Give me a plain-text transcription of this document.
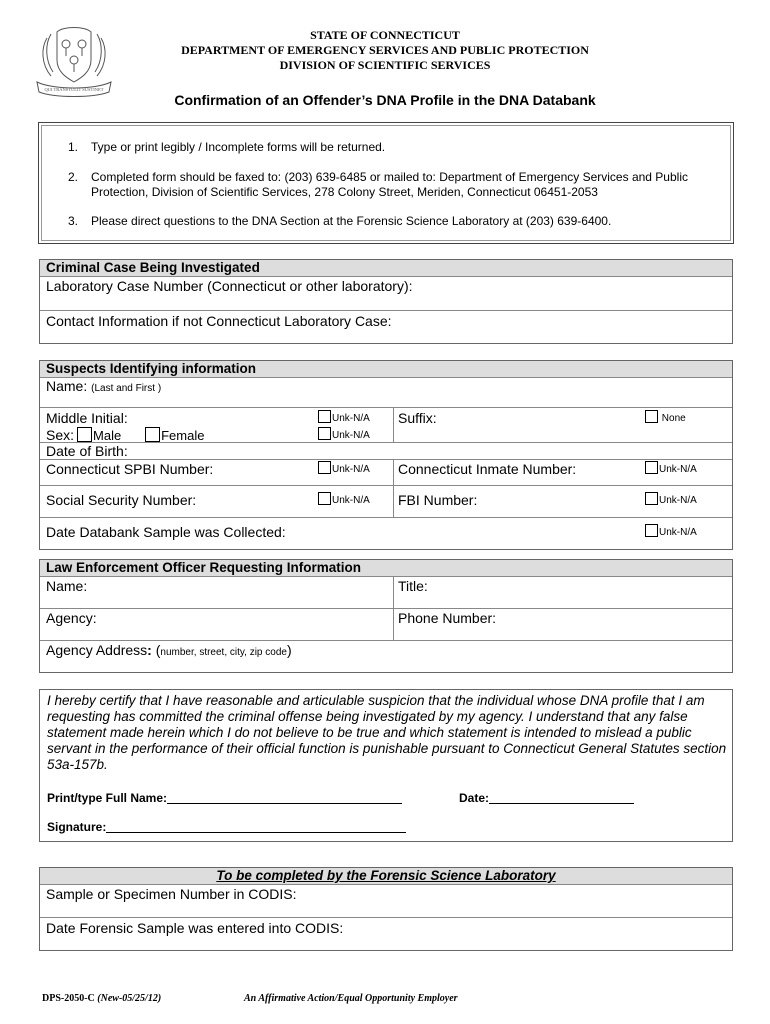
QUI TRANSTULIT SUSTINET
STATE OF CONNECTICUT
DEPARTMENT OF EMERGENCY SERVICES AND PUBLIC PROTECTION
DIVISION OF SCIENTIFIC SERVICES
Confirmation of an Offender’s DNA Profile in the DNA Databank
1. Type or print legibly / Incomplete forms will be returned.
2. Completed form should be faxed to: (203) 639-6485 or mailed to: Department of Emergency Services and Public Protection, Division of Scientific Services, 278 Colony Street, Meriden, Connecticut 06451-2053
3. Please direct questions to the DNA Section at the Forensic Science Laboratory at (203) 639-6400.
Criminal Case Being Investigated
Laboratory Case Number (Connecticut or other laboratory):
Contact Information if not Connecticut Laboratory Case:
Suspects Identifying information
Name: (Last and First )
Middle Initial:	Unk-N/A Suffix:	None
Sex: Male	Female	Unk-N/A
Date of Birth:
Connecticut SPBI Number:	Unk-N/A Connecticut Inmate Number:	Unk-N/A
Social Security Number:	Unk-N/A FBI Number:	Unk-N/A
Date Databank Sample was Collected:	Unk-N/A
Law Enforcement Officer Requesting Information
Name:	Title:
Agency:	Phone Number:
Agency Address: (number, street, city, zip code)

I hereby certify that I have reasonable and articulable suspicion that the individual whose DNA profile that I am requesting has committed the criminal offense being investigated by my agency. I understand that any false statement made herein which I do not believe to be true and which statement is intended to mislead a public servant in the performance of their official function is punishable pursuant to Connecticut General Statutes section 53a-157b.

Print/type Full Name:	Date:
Signature:
To be completed by the Forensic Science Laboratory
Sample or Specimen Number in CODIS:
Date Forensic Sample was entered into CODIS:
DPS-2050-C (New-05/25/12)	An Affirmative Action/Equal Opportunity Employer
